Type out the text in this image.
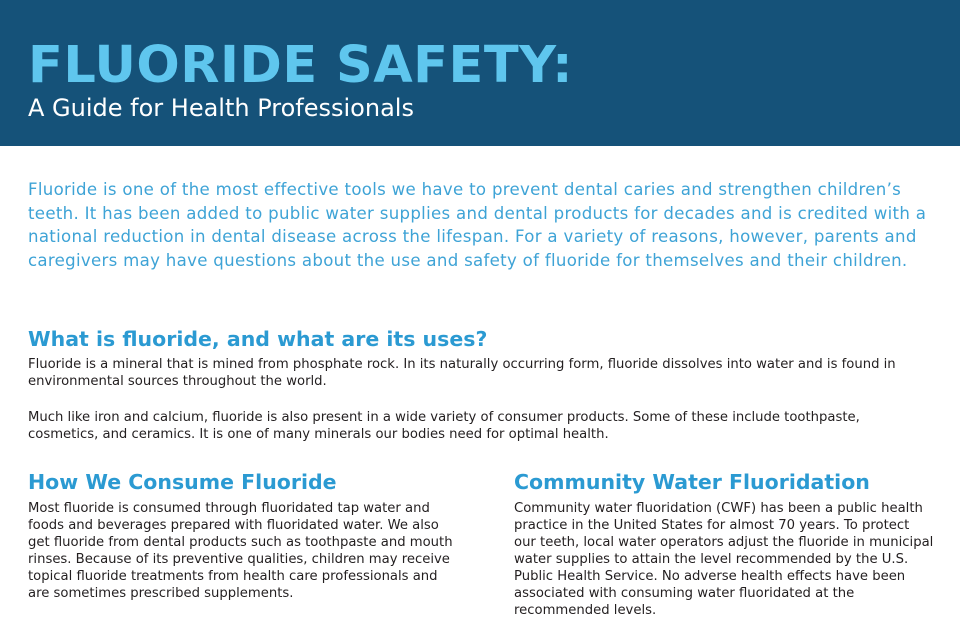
FLUORIDE SAFETY:
A Guide for Health Professionals

Fluoride is one of the most effective tools we have to prevent dental caries and strengthen children’s teeth. It has been added to public water supplies and dental products for decades and is credited with a national reduction in dental disease across the lifespan. For a variety of reasons, however, parents and caregivers may have questions about the use and safety of fluoride for themselves and their children.

What is fluoride, and what are its uses?

Fluoride is a mineral that is mined from phosphate rock. In its naturally occurring form, fluoride dissolves into water and is found in environmental sources throughout the world.

Much like iron and calcium, fluoride is also present in a wide variety of consumer products. Some of these include toothpaste, cosmetics, and ceramics. It is one of many minerals our bodies need for optimal health.

How We Consume Fluoride

Most fluoride is consumed through fluoridated tap water and foods and beverages prepared with fluoridated water. We also get fluoride from dental products such as toothpaste and mouth rinses. Because of its preventive qualities, children may receive topical fluoride treatments from health care professionals and are sometimes prescribed supplements.

Community Water Fluoridation

Community water fluoridation (CWF) has been a public health practice in the United States for almost 70 years. To protect our teeth, local water operators adjust the fluoride in municipal water supplies to attain the level recommended by the U.S. Public Health Service. No adverse health effects have been associated with consuming water fluoridated at the recommended levels.
